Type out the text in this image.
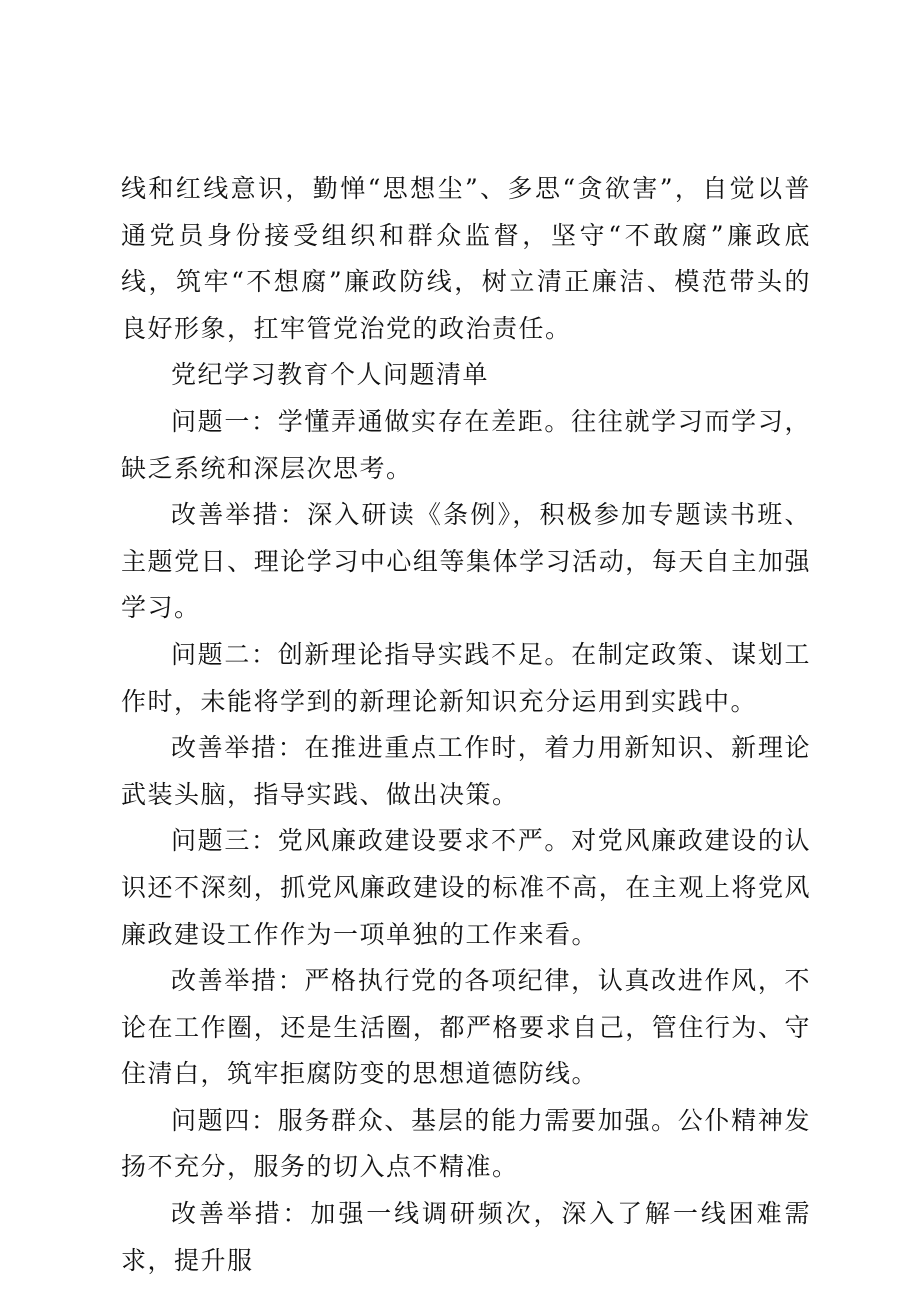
线和红线意识，勤惮“思想尘”、多思“贪欲害”，自觉以普通党员身份接受组织和群众监督，坚守“不敢腐”廉政底线，筑牢“不想腐”廉政防线，树立清正廉洁、模范带头的良好形象，扛牢管党治党的政治责任。

党纪学习教育个人问题清单

问题一：学懂弄通做实存在差距。往往就学习而学习，缺乏系统和深层次思考。

改善举措：深入研读《条例》，积极参加专题读书班、主题党日、理论学习中心组等集体学习活动，每天自主加强学习。

问题二：创新理论指导实践不足。在制定政策、谋划工作时，未能将学到的新理论新知识充分运用到实践中。

改善举措：在推进重点工作时，着力用新知识、新理论武装头脑，指导实践、做出决策。

问题三：党风廉政建设要求不严。对党风廉政建设的认识还不深刻，抓党风廉政建设的标准不高，在主观上将党风廉政建设工作作为一项单独的工作来看。

改善举措：严格执行党的各项纪律，认真改进作风，不论在工作圈，还是生活圈，都严格要求自己，管住行为、守住清白，筑牢拒腐防变的思想道德防线。

问题四：服务群众、基层的能力需要加强。公仆精神发扬不充分，服务的切入点不精准。

改善举措：加强一线调研频次，深入了解一线困难需求，提升服
